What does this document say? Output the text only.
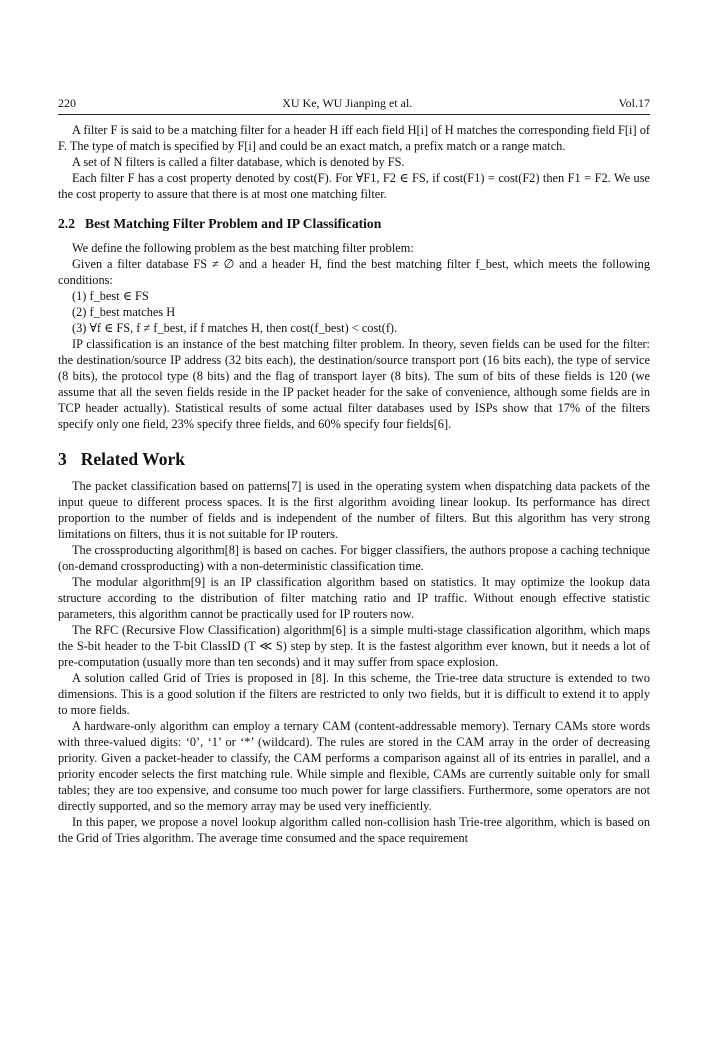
220	XU Ke, WU Jianping et al.	Vol.17

A filter F is said to be a matching filter for a header H iff each field H[i] of H matches the corresponding field F[i] of F. The type of match is specified by F[i] and could be an exact match, a prefix match or a range match.

A set of N filters is called a filter database, which is denoted by FS.

Each filter F has a cost property denoted by cost(F). For ∀F1, F2 ∈ FS, if cost(F1) = cost(F2) then F1 = F2. We use the cost property to assure that there is at most one matching filter.

2.2 Best Matching Filter Problem and IP Classification

We define the following problem as the best matching filter problem:

Given a filter database FS ≠ ∅ and a header H, find the best matching filter f_best, which meets the following conditions:

(1) f_best ∈ FS

(2) f_best matches H

(3) ∀f ∈ FS, f ≠ f_best, if f matches H, then cost(f_best) < cost(f).

IP classification is an instance of the best matching filter problem. In theory, seven fields can be used for the filter: the destination/source IP address (32 bits each), the destination/source transport port (16 bits each), the type of service (8 bits), the protocol type (8 bits) and the flag of transport layer (8 bits). The sum of bits of these fields is 120 (we assume that all the seven fields reside in the IP packet header for the sake of convenience, although some fields are in TCP header actually). Statistical results of some actual filter databases used by ISPs show that 17% of the filters specify only one field, 23% specify three fields, and 60% specify four fields[6].

3 Related Work

The packet classification based on patterns[7] is used in the operating system when dispatching data packets of the input queue to different process spaces. It is the first algorithm avoiding linear lookup. Its performance has direct proportion to the number of fields and is independent of the number of filters. But this algorithm has very strong limitations on filters, thus it is not suitable for IP routers.

The crossproducting algorithm[8] is based on caches. For bigger classifiers, the authors propose a caching technique (on-demand crossproducting) with a non-deterministic classification time.

The modular algorithm[9] is an IP classification algorithm based on statistics. It may optimize the lookup data structure according to the distribution of filter matching ratio and IP traffic. Without enough effective statistic parameters, this algorithm cannot be practically used for IP routers now.

The RFC (Recursive Flow Classification) algorithm[6] is a simple multi-stage classification algorithm, which maps the S-bit header to the T-bit ClassID (T ≪ S) step by step. It is the fastest algorithm ever known, but it needs a lot of pre-computation (usually more than ten seconds) and it may suffer from space explosion.

A solution called Grid of Tries is proposed in [8]. In this scheme, the Trie-tree data structure is extended to two dimensions. This is a good solution if the filters are restricted to only two fields, but it is difficult to extend it to apply to more fields.

A hardware-only algorithm can employ a ternary CAM (content-addressable memory). Ternary CAMs store words with three-valued digits: ‘0’, ‘1’ or ‘*’ (wildcard). The rules are stored in the CAM array in the order of decreasing priority. Given a packet-header to classify, the CAM performs a comparison against all of its entries in parallel, and a priority encoder selects the first matching rule. While simple and flexible, CAMs are currently suitable only for small tables; they are too expensive, and consume too much power for large classifiers. Furthermore, some operators are not directly supported, and so the memory array may be used very inefficiently.

In this paper, we propose a novel lookup algorithm called non-collision hash Trie-tree algorithm, which is based on the Grid of Tries algorithm. The average time consumed and the space requirement
